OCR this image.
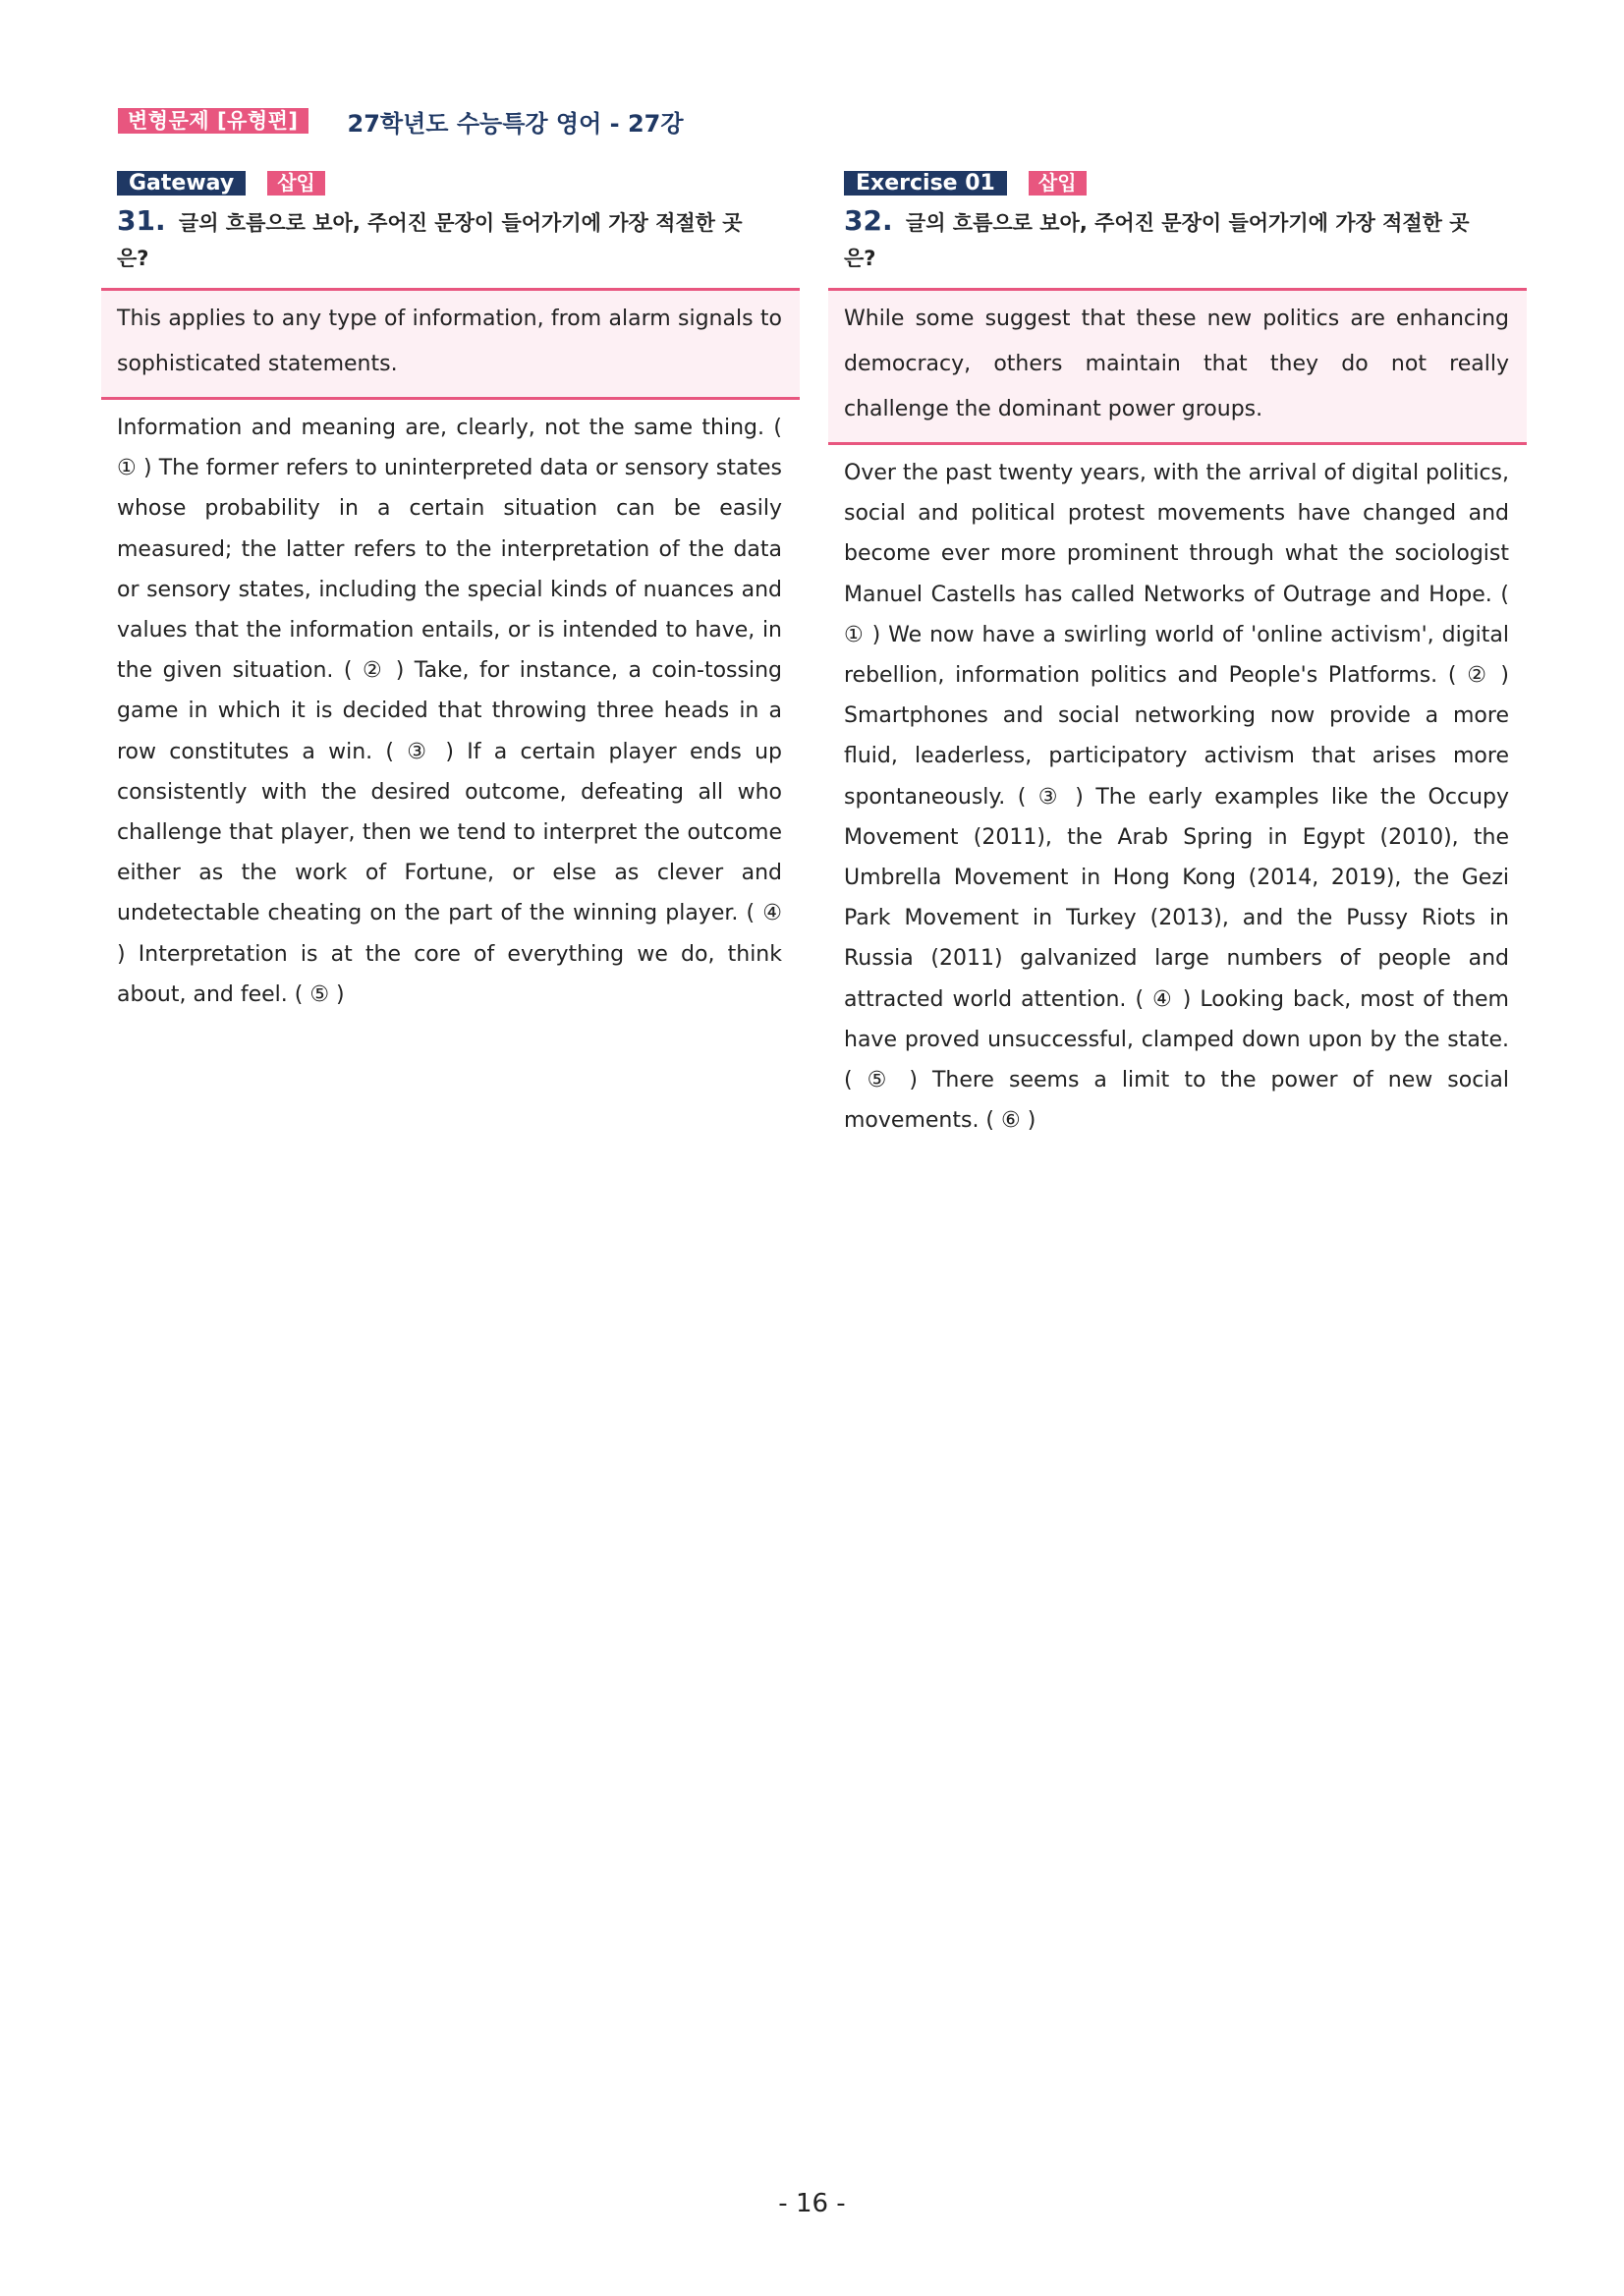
변형문제 [유형편]	27학년도 수능특강 영어 - 27강
Gateway	삽입
31. 글의 흐름으로 보아, 주어진 문장이 들어가기에 가장 적절한 곳은?
This applies to any type of information, from alarm signals to sophisticated statements.
Information and meaning are, clearly, not the same thing. ( ① ) The former refers to uninterpreted data or sensory states whose probability in a certain situation can be easily measured; the latter refers to the interpretation of the data or sensory states, including the special kinds of nuances and values that the information entails, or is intended to have, in the given situation. ( ② ) Take, for instance, a coin-tossing game in which it is decided that throwing three heads in a row constitutes a win. ( ③ ) If a certain player ends up consistently with the desired outcome, defeating all who challenge that player, then we tend to interpret the outcome either as the work of Fortune, or else as clever and undetectable cheating on the part of the winning player. ( ④ ) Interpretation is at the core of everything we do, think about, and feel. ( ⑤ )
Exercise 01	삽입
32. 글의 흐름으로 보아, 주어진 문장이 들어가기에 가장 적절한 곳은?
While some suggest that these new politics are enhancing democracy, others maintain that they do not really challenge the dominant power groups.
Over the past twenty years, with the arrival of digital politics, social and political protest movements have changed and become ever more prominent through what the sociologist Manuel Castells has called Networks of Outrage and Hope. ( ① ) We now have a swirling world of 'online activism', digital rebellion, information politics and People's Platforms. ( ② ) Smartphones and social networking now provide a more fluid, leaderless, participatory activism that arises more spontaneously. ( ③ ) The early examples like the Occupy Movement (2011), the Arab Spring in Egypt (2010), the Umbrella Movement in Hong Kong (2014, 2019), the Gezi Park Movement in Turkey (2013), and the Pussy Riots in Russia (2011) galvanized large numbers of people and attracted world attention. ( ④ ) Looking back, most of them have proved unsuccessful, clamped down upon by the state. ( ⑤ ) There seems a limit to the power of new social movements. ( ⑥ )
- 16 -
